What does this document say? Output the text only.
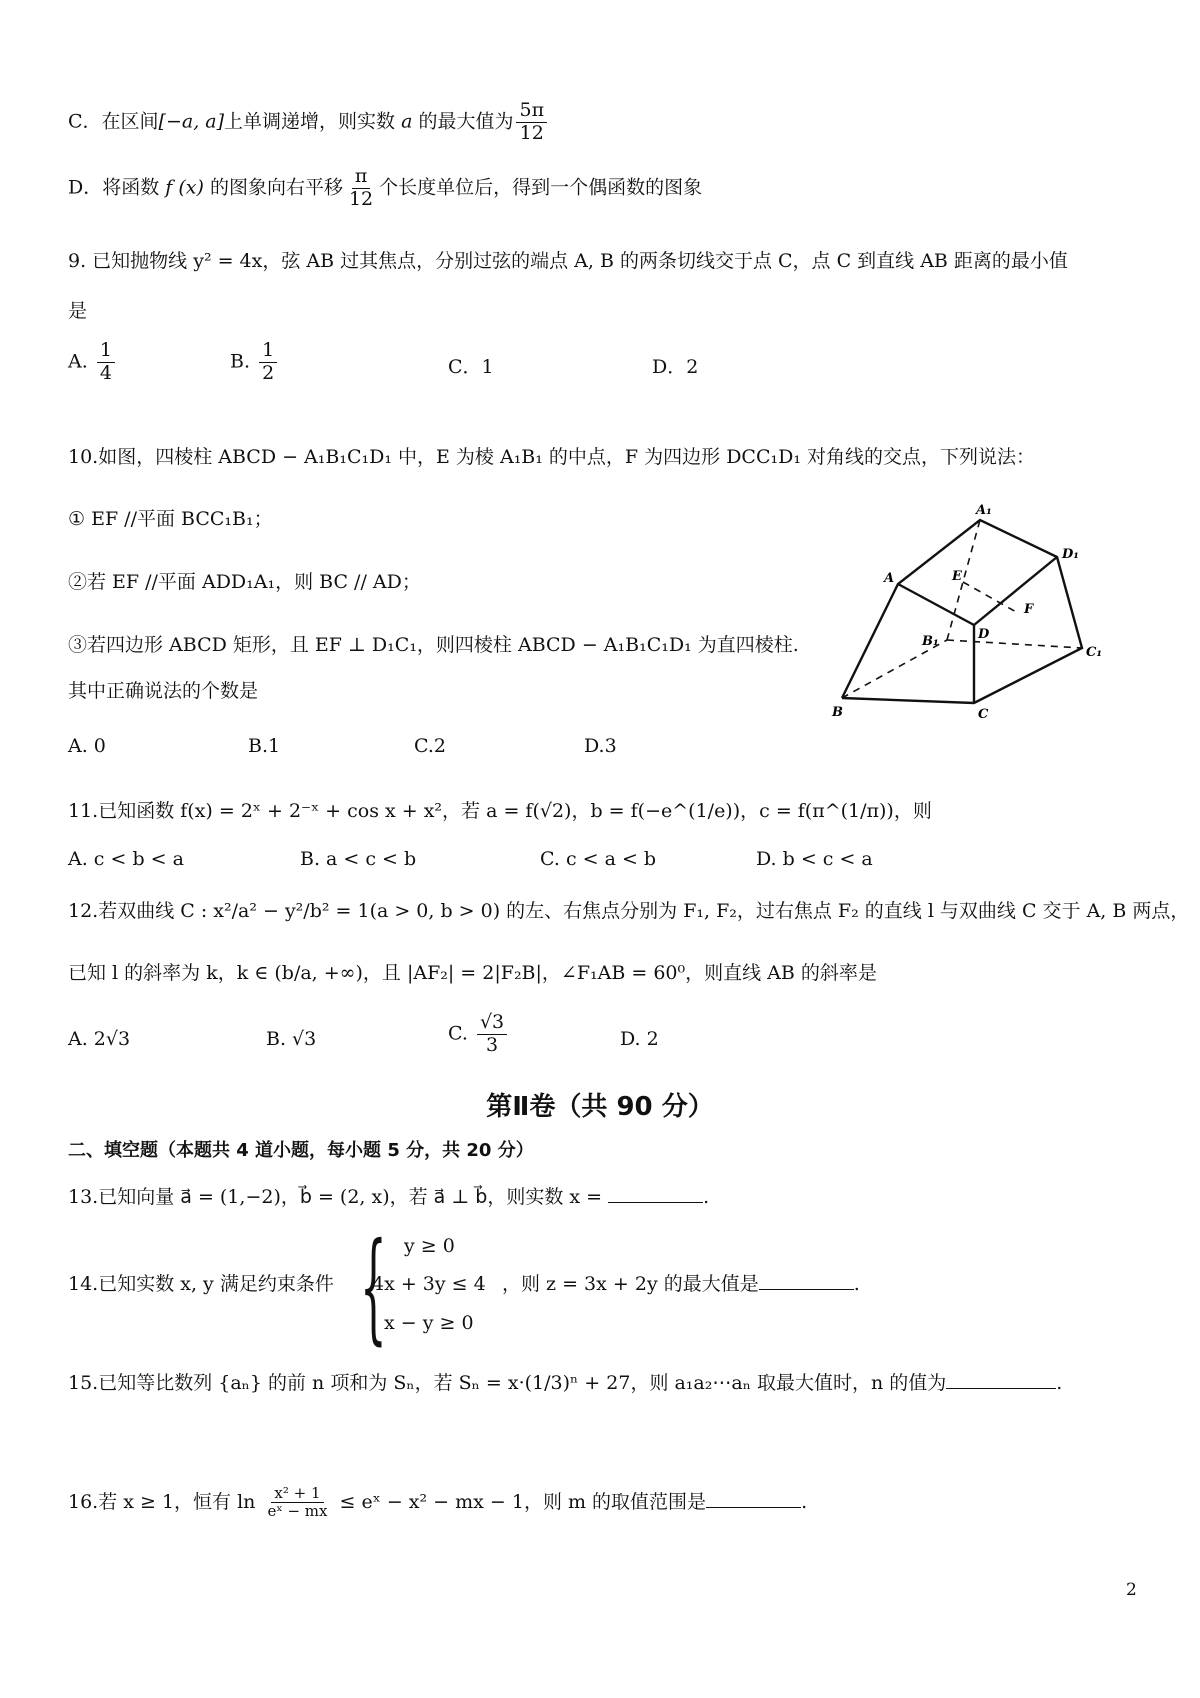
C．在区间[−a, a]上单调递增，则实数 a 的最大值为 $\frac{5\pi}{12}$
D．将函数 f (x) 的图象向右平移 $\frac{\pi}{12}$ 个长度单位后，得到一个偶函数的图象
9. 已知抛物线 y² = 4x，弦 AB 过其焦点，分别过弦的端点 A, B 的两条切线交于点 C，点 C 到直线 AB 距离的最小值
是
A. $\frac{1}{4}$	B. $\frac{1}{2}$	C．1	D．2
10.如图，四棱柱 ABCD − A₁B₁C₁D₁ 中，E 为棱 A₁B₁ 的中点，F 为四边形 DCC₁D₁ 对角线的交点，下列说法：
① EF //平面 BCC₁B₁；
②若 EF //平面 ADD₁A₁，则 BC // AD；
③若四边形 ABCD 矩形，且 EF ⊥ D₁C₁，则四棱柱 ABCD − A₁B₁C₁D₁ 为直四棱柱.
其中正确说法的个数是
A. 0	B.1	C.2	D.3
A₁
D₁
A	E
F
B₁	D
C₁
B	C
11.已知函数 f(x) = 2ˣ + 2⁻ˣ + cos x + x²，若 a = f(√2)，b = f(−e^(1/e))，c = f(π^(1/π))，则
A. c < b < a	B. a < c < b	C. c < a < b	D. b < c < a
12.若双曲线 C : x²/a² − y²/b² = 1(a > 0, b > 0) 的左、右焦点分别为 F₁, F₂，过右焦点 F₂ 的直线 l 与双曲线 C 交于 A, B 两点，
已知 l 的斜率为 k，k ∈ (b/a, +∞)，且 |AF₂| = 2|F₂B|，∠F₁AB = 60⁰，则直线 AB 的斜率是
A. 2√3	B. √3	C. $\frac{√3}{3}$	D. 2
第Ⅱ卷（共 90 分）
二、填空题（本题共 4 道小题，每小题 5 分，共 20 分）
13.已知向量 a⃗ = (1,−2)，b⃗ = (2, x)，若 a⃗ ⊥ b⃗，则实数 x =	.
14.已知实数 x, y 满足约束条件 { y ≥ 0
4x + 3y ≤ 4
x − y ≥ 0
，则 z = 3x + 2y 的最大值是	.
15.已知等比数列 {aₙ} 的前 n 项和为 Sₙ，若 Sₙ = x·(1/3)ⁿ + 27，则 a₁a₂⋯aₙ 取最大值时，n 的值为	.
16.若 x ≥ 1，恒有 $\ln \frac{\text{x² + 1}}{\text{eˣ − mx}}$ ≤ eˣ − x² − mx − 1，则 m 的取值范围是	.
2
